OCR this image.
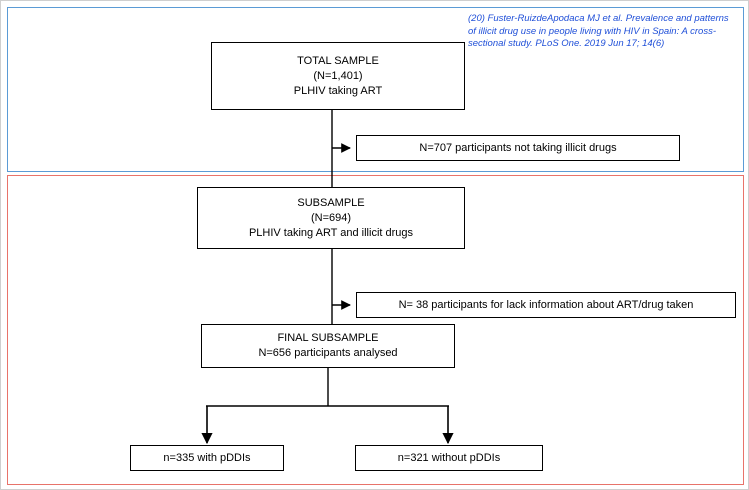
(20) Fuster-RuizdeApodaca MJ et al. Prevalence and patterns of illicit drug use in people living with HIV in Spain: A cross-sectional study. PLoS One. 2019 Jun 17; 14(6)
TOTAL SAMPLE
(N=1,401)
PLHIV taking ART
N=707 participants not taking illicit drugs
SUBSAMPLE
(N=694)
PLHIV taking ART and illicit drugs
N= 38 participants for lack information about ART/drug taken
FINAL SUBSAMPLE
N=656 participants analysed
n=335 with pDDIs	n=321 without pDDIs
